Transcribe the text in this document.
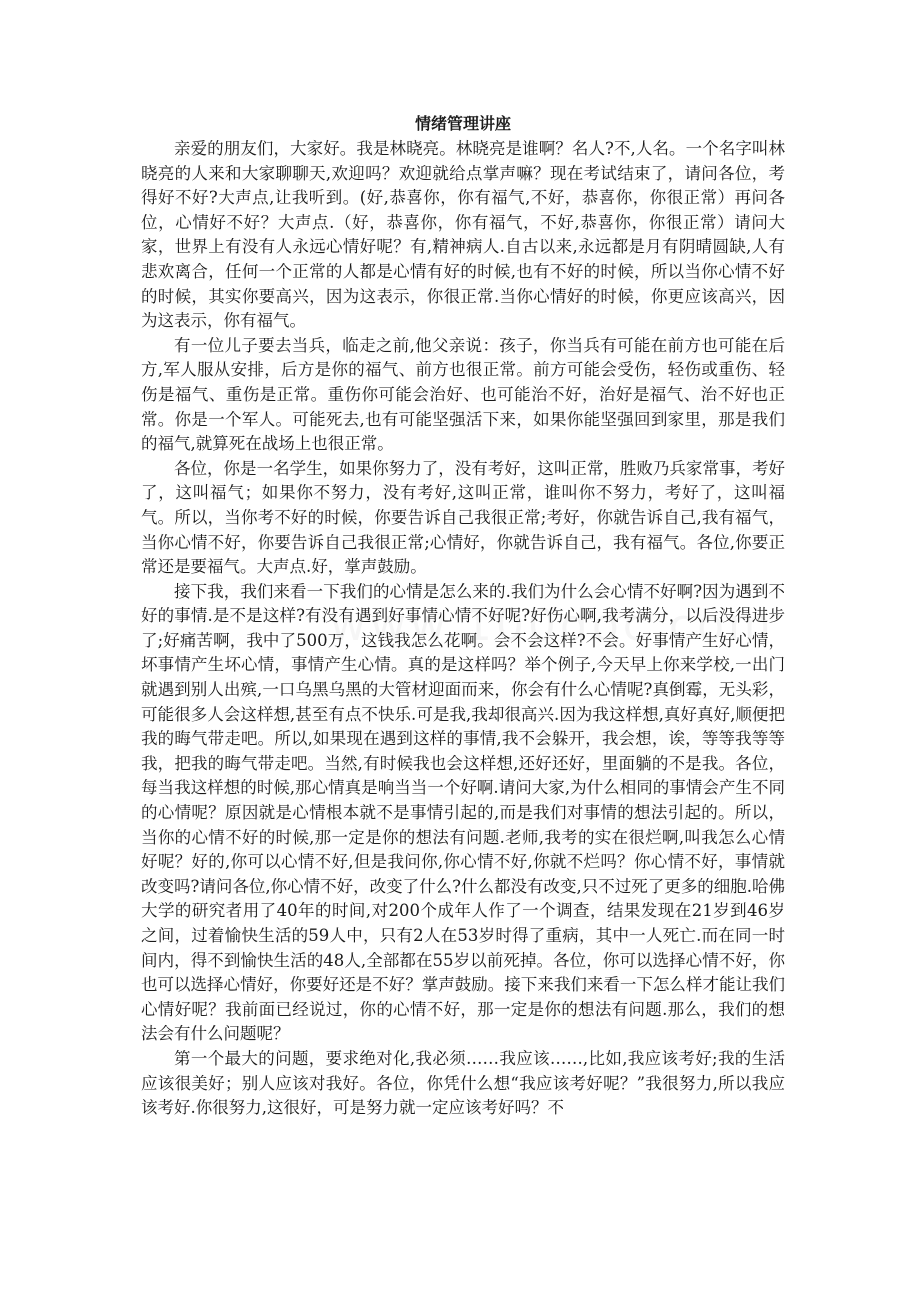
情绪管理讲座

亲爱的朋友们，大家好。我是林晓亮。林晓亮是谁啊？名人?不,人名。一个名字叫林晓亮的人来和大家聊聊天,欢迎吗？欢迎就给点掌声嘛？现在考试结束了，请问各位，考得好不好?大声点,让我听到。(好,恭喜你，你有福气,不好，恭喜你，你很正常）再问各位，心情好不好？大声点.（好，恭喜你，你有福气，不好,恭喜你，你很正常）请问大家，世界上有没有人永远心情好呢？有,精神病人.自古以来,永远都是月有阴晴圆缺,人有悲欢离合，任何一个正常的人都是心情有好的时候,也有不好的时候，所以当你心情不好的时候，其实你要高兴，因为这表示，你很正常.当你心情好的时候，你更应该高兴，因为这表示，你有福气。

有一位儿子要去当兵，临走之前,他父亲说：孩子，你当兵有可能在前方也可能在后方,军人服从安排，后方是你的福气、前方也很正常。前方可能会受伤，轻伤或重伤、轻伤是福气、重伤是正常。重伤你可能会治好、也可能治不好，治好是福气、治不好也正常。你是一个军人。可能死去,也有可能坚强活下来，如果你能坚强回到家里，那是我们的福气,就算死在战场上也很正常。

各位，你是一名学生，如果你努力了，没有考好，这叫正常，胜败乃兵家常事，考好了，这叫福气；如果你不努力，没有考好,这叫正常，谁叫你不努力，考好了，这叫福气。所以，当你考不好的时候，你要告诉自己我很正常;考好，你就告诉自己,我有福气，当你心情不好，你要告诉自己我很正常;心情好，你就告诉自己，我有福气。各位,你要正常还是要福气。大声点.好，掌声鼓励。

接下我，我们来看一下我们的心情是怎么来的.我们为什么会心情不好啊?因为遇到不好的事情.是不是这样?有没有遇到好事情心情不好呢?好伤心啊,我考满分，以后没得进步了;好痛苦啊，我中了500万，这钱我怎么花啊。会不会这样?不会。好事情产生好心情，坏事情产生坏心情，事情产生心情。真的是这样吗？举个例子,今天早上你来学校,一出门就遇到别人出殡,一口乌黑乌黑的大管材迎面而来，你会有什么心情呢?真倒霉，无头彩，可能很多人会这样想,甚至有点不快乐.可是我,我却很高兴.因为我这样想,真好真好,顺便把我的晦气带走吧。所以,如果现在遇到这样的事情,我不会躲开，我会想，诶，等等我等等我，把我的晦气带走吧。当然,有时候我也会这样想,还好还好，里面躺的不是我。各位，每当我这样想的时候,那心情真是响当当一个好啊.请问大家,为什么相同的事情会产生不同的心情呢？原因就是心情根本就不是事情引起的,而是我们对事情的想法引起的。所以，当你的心情不好的时候,那一定是你的想法有问题.老师,我考的实在很烂啊,叫我怎么心情好呢？好的,你可以心情不好,但是我问你,你心情不好,你就不烂吗？你心情不好，事情就改变吗?请问各位,你心情不好，改变了什么?什么都没有改变,只不过死了更多的细胞.哈佛大学的研究者用了40年的时间,对200个成年人作了一个调查，结果发现在21岁到46岁之间，过着愉快生活的59人中，只有2人在53岁时得了重病，其中一人死亡.而在同一时间内，得不到愉快生活的48人,全部都在55岁以前死掉。各位，你可以选择心情不好，你也可以选择心情好，你要好还是不好？掌声鼓励。接下来我们来看一下怎么样才能让我们心情好呢？我前面已经说过，你的心情不好，那一定是你的想法有问题.那么，我们的想法会有什么问题呢？

第一个最大的问题，要求绝对化,我必须……我应该……,比如,我应该考好;我的生活应该很美好；别人应该对我好。各位，你凭什么想“我应该考好呢？”我很努力,所以我应该考好.你很努力,这很好，可是努力就一定应该考好吗？不
